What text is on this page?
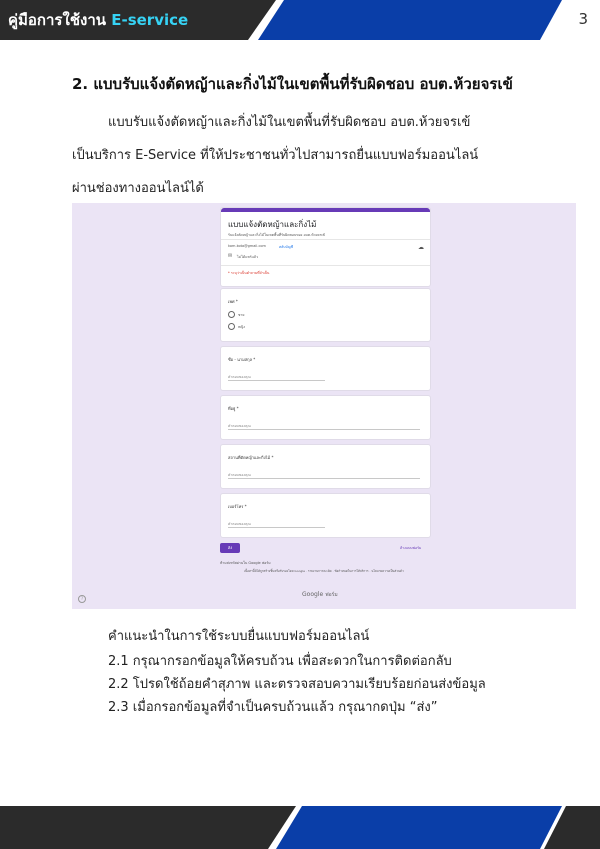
คู่มือการใช้งาน E-service	3
2. แบบรับแจ้งตัดหญ้าและกิ่งไม้ในเขตพื้นที่รับผิดชอบ อบต.ห้วยจรเข้
แบบรับแจ้งตัดหญ้าและกิ่งไม้ในเขตพื้นที่รับผิดชอบ อบต.ห้วยจรเข้
เป็นบริการ E-Service ที่ให้ประชาชนทั่วไปสามารถยื่นแบบฟอร์มออนไลน์
ผ่านช่องทางออนไลน์ได้
แบบแจ้งตัดหญ้าและกิ่งไม้
รับแจ้งตัดหญ้าและกิ่งไม้ในเขตพื้นที่รับผิดชอบของ อบต.ห้วยจรเข้
kom.kota@gmail.com	สลับบัญชี	☁
✉ ไม่ได้แชร์แล้ว
* ระบุว่าเป็นคำถามที่จำเป็น
เพศ *
ชาย
หญิง
ชื่อ - นามสกุล *
คำตอบของคุณ
ที่อยู่ *
คำตอบของคุณ
สถานที่ตัดหญ้าและกิ่งไม้ *
คำตอบของคุณ
เบอร์โทร *
คำตอบของคุณ
ส่ง	ล้างแบบฟอร์ม
ห้ามส่งรหัสผ่านใน Google ฟอร์ม
เนื้อหานี้มิได้ถูกสร้างขึ้นหรือรับรองโดย Google · รายงานการละเมิด · ข้อกำหนดในการให้บริการ · นโยบายความเป็นส่วนตัว
Google ฟอร์ม
?
คำแนะนำในการใช้ระบบยื่นแบบฟอร์มออนไลน์
2.1 กรุณากรอกข้อมูลให้ครบถ้วน เพื่อสะดวกในการติดต่อกลับ
2.2 โปรดใช้ถ้อยคำสุภาพ และตรวจสอบความเรียบร้อยก่อนส่งข้อมูล
2.3 เมื่อกรอกข้อมูลที่จำเป็นครบถ้วนแล้ว กรุณากดปุ่ม “ส่ง”
